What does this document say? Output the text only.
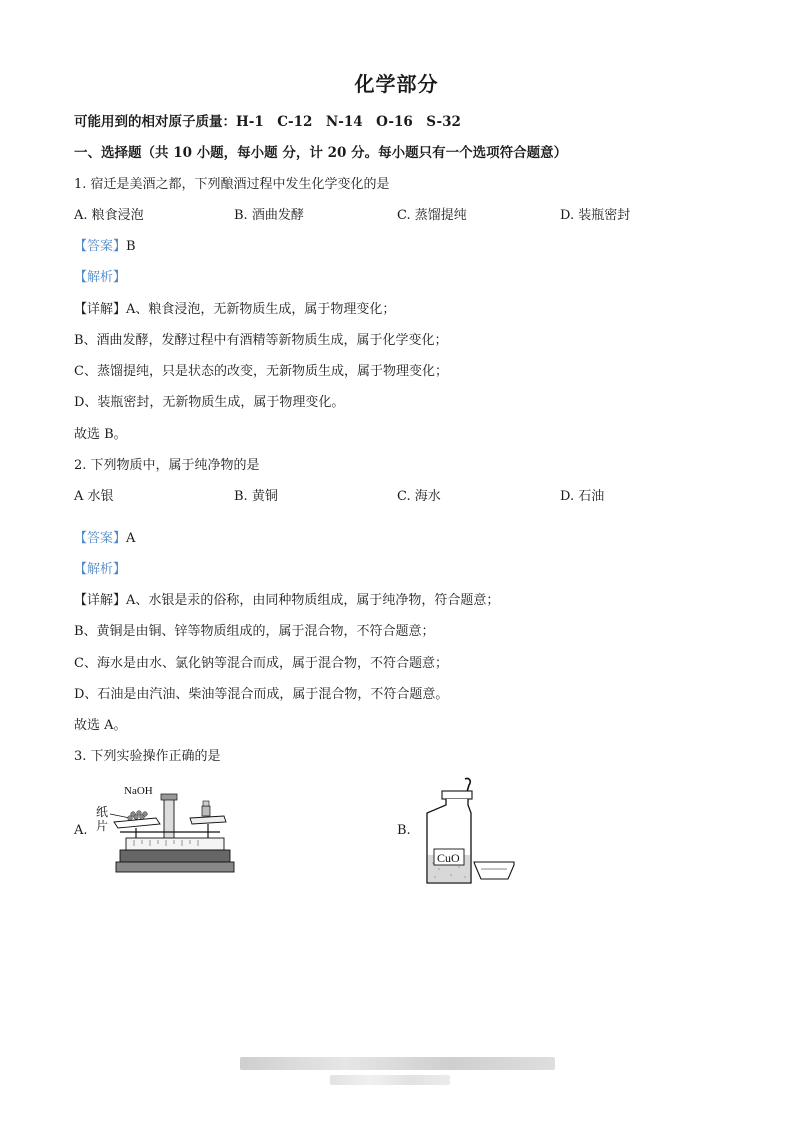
化学部分
可能用到的相对原子质量：H-1　C-12　N-14　O-16　S-32
一、选择题（共 10 小题，每小题 分，计 20 分。每小题只有一个选项符合题意）
1. 宿迁是美酒之都，下列酿酒过程中发生化学变化的是
A. 粮食浸泡	B. 酒曲发酵	C. 蒸馏提纯	D. 装瓶密封
【答案】B
【解析】
【详解】A、粮食浸泡，无新物质生成，属于物理变化；
B、酒曲发酵，发酵过程中有酒精等新物质生成，属于化学变化；
C、蒸馏提纯，只是状态的改变，无新物质生成，属于物理变化；
D、装瓶密封，无新物质生成，属于物理变化。
故选 B。
2. 下列物质中，属于纯净物的是
A 水银	B. 黄铜	C. 海水	D. 石油
【答案】A
【解析】
【详解】A、水银是汞的俗称，由同种物质组成，属于纯净物，符合题意；
B、黄铜是由铜、锌等物质组成的，属于混合物，不符合题意；
C、海水是由水、氯化钠等混合而成，属于混合物，不符合题意；
D、石油是由汽油、柴油等混合而成，属于混合物，不符合题意。
故选 A。
3. 下列实验操作正确的是
A.	B.
NaOH
纸
片
CuO
